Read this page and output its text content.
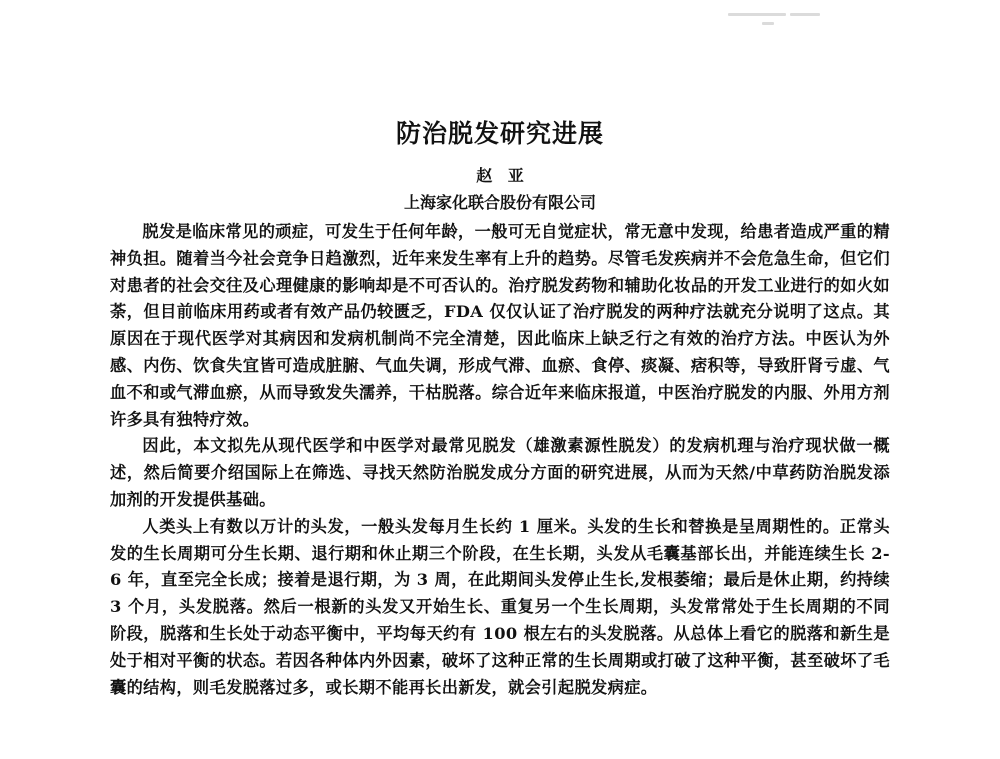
防治脱发研究进展
赵 亚
上海家化联合股份有限公司

脱发是临床常见的顽症，可发生于任何年龄，一般可无自觉症状，常无意中发现，给患者造成严重的精神负担。随着当今社会竞争日趋激烈，近年来发生率有上升的趋势。尽管毛发疾病并不会危急生命，但它们对患者的社会交往及心理健康的影响却是不可否认的。治疗脱发药物和辅助化妆品的开发工业进行的如火如荼，但目前临床用药或者有效产品仍较匮乏，FDA 仅仅认证了治疗脱发的两种疗法就充分说明了这点。其原因在于现代医学对其病因和发病机制尚不完全清楚，因此临床上缺乏行之有效的治疗方法。中医认为外感、内伤、饮食失宜皆可造成脏腑、气血失调，形成气滞、血瘀、食停、痰凝、痞积等，导致肝肾亏虚、气血不和或气滞血瘀，从而导致发失濡养，干枯脱落。综合近年来临床报道，中医治疗脱发的内服、外用方剂许多具有独特疗效。

因此，本文拟先从现代医学和中医学对最常见脱发（雄激素源性脱发）的发病机理与治疗现状做一概述，然后简要介绍国际上在筛选、寻找天然防治脱发成分方面的研究进展，从而为天然/中草药防治脱发添加剂的开发提供基础。

人类头上有数以万计的头发，一般头发每月生长约 1 厘米。头发的生长和替换是呈周期性的。正常头发的生长周期可分生长期、退行期和休止期三个阶段，在生长期，头发从毛囊基部长出，并能连续生长 2-6 年，直至完全长成；接着是退行期，为 3 周，在此期间头发停止生长,发根萎缩；最后是休止期，约持续 3 个月，头发脱落。然后一根新的头发又开始生长、重复另一个生长周期，头发常常处于生长周期的不同阶段，脱落和生长处于动态平衡中，平均每天约有 100 根左右的头发脱落。从总体上看它的脱落和新生是处于相对平衡的状态。若因各种体内外因素，破坏了这种正常的生长周期或打破了这种平衡，甚至破坏了毛囊的结构，则毛发脱落过多，或长期不能再长出新发，就会引起脱发病症。
